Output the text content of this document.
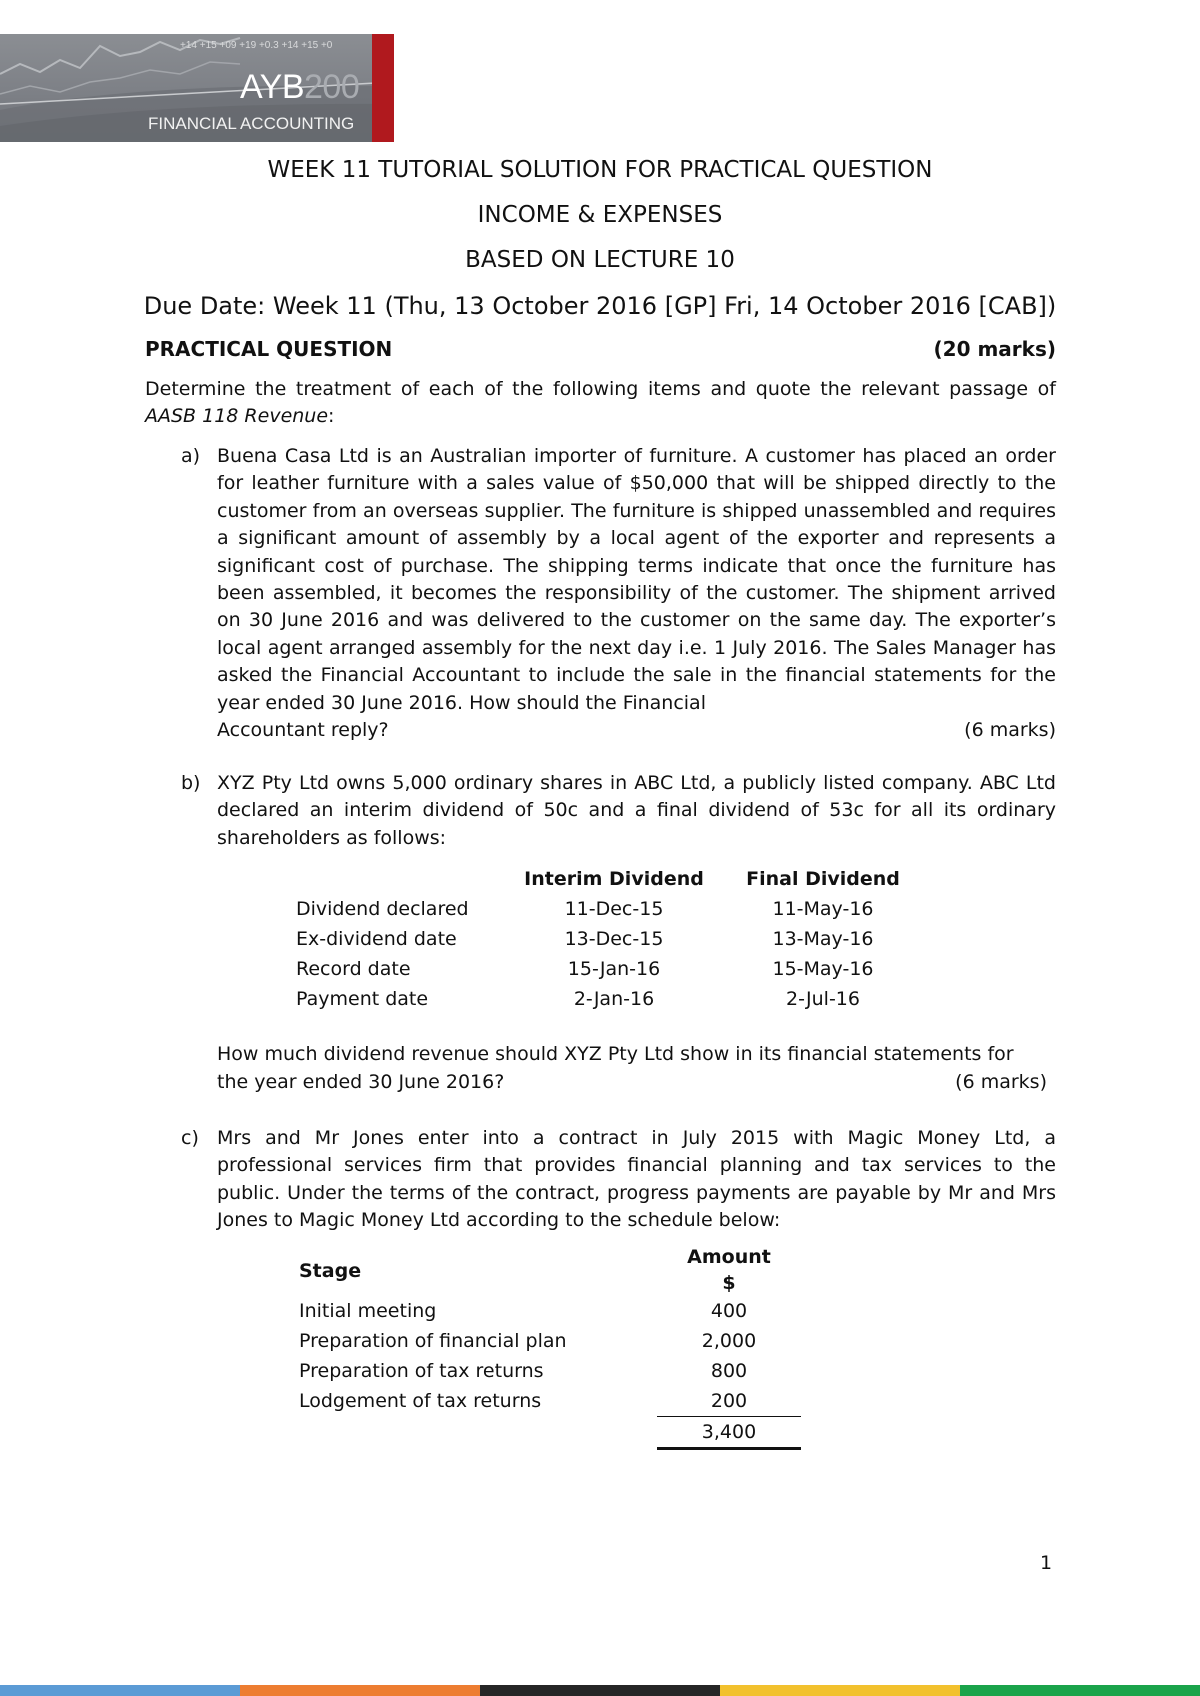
+14 +15 +09 +19 +0.3 +14 +15 +0
AYB200
FINANCIAL ACCOUNTING
WEEK 11 TUTORIAL SOLUTION FOR PRACTICAL QUESTION
INCOME & EXPENSES
BASED ON LECTURE 10
Due Date: Week 11 (Thu, 13 October 2016 [GP] Fri, 14 October 2016 [CAB])
PRACTICAL QUESTION	(20 marks)
Determine the treatment of each of the following items and quote the relevant passage of AASB 118 Revenue:
a) Buena Casa Ltd is an Australian importer of furniture. A customer has placed an order for leather furniture with a sales value of $50,000 that will be shipped directly to the customer from an overseas supplier. The furniture is shipped unassembled and requires a significant amount of assembly by a local agent of the exporter and represents a significant cost of purchase. The shipping terms indicate that once the furniture has been assembled, it becomes the responsibility of the customer. The shipment arrived on 30 June 2016 and was delivered to the customer on the same day. The exporter’s local agent arranged assembly for the next day i.e. 1 July 2016. The Sales Manager has asked the Financial Accountant to include the sale in the financial statements for the year ended 30 June 2016. How should the Financial
Accountant reply?	(6 marks)
b) XYZ Pty Ltd owns 5,000 ordinary shares in ABC Ltd, a publicly listed company. ABC Ltd declared an interim dividend of 50c and a final dividend of 53c for all its ordinary shareholders as follows:
	Interim Dividend	Final Dividend
Dividend declared	11-Dec-15	11-May-16
Ex-dividend date	13-Dec-15	13-May-16
Record date	15-Jan-16	15-May-16
Payment date	2-Jan-16	2-Jul-16
How much dividend revenue should XYZ Pty Ltd show in its financial statements for
the year ended 30 June 2016?	(6 marks)
c) Mrs and Mr Jones enter into a contract in July 2015 with Magic Money Ltd, a professional services firm that provides financial planning and tax services to the public. Under the terms of the contract, progress payments are payable by Mr and Mrs Jones to Magic Money Ltd according to the schedule below:
Stage	Amount
$

Initial meeting	400
Preparation of financial plan	2,000
Preparation of tax returns	800
Lodgement of tax returns	200
	3,400
1
